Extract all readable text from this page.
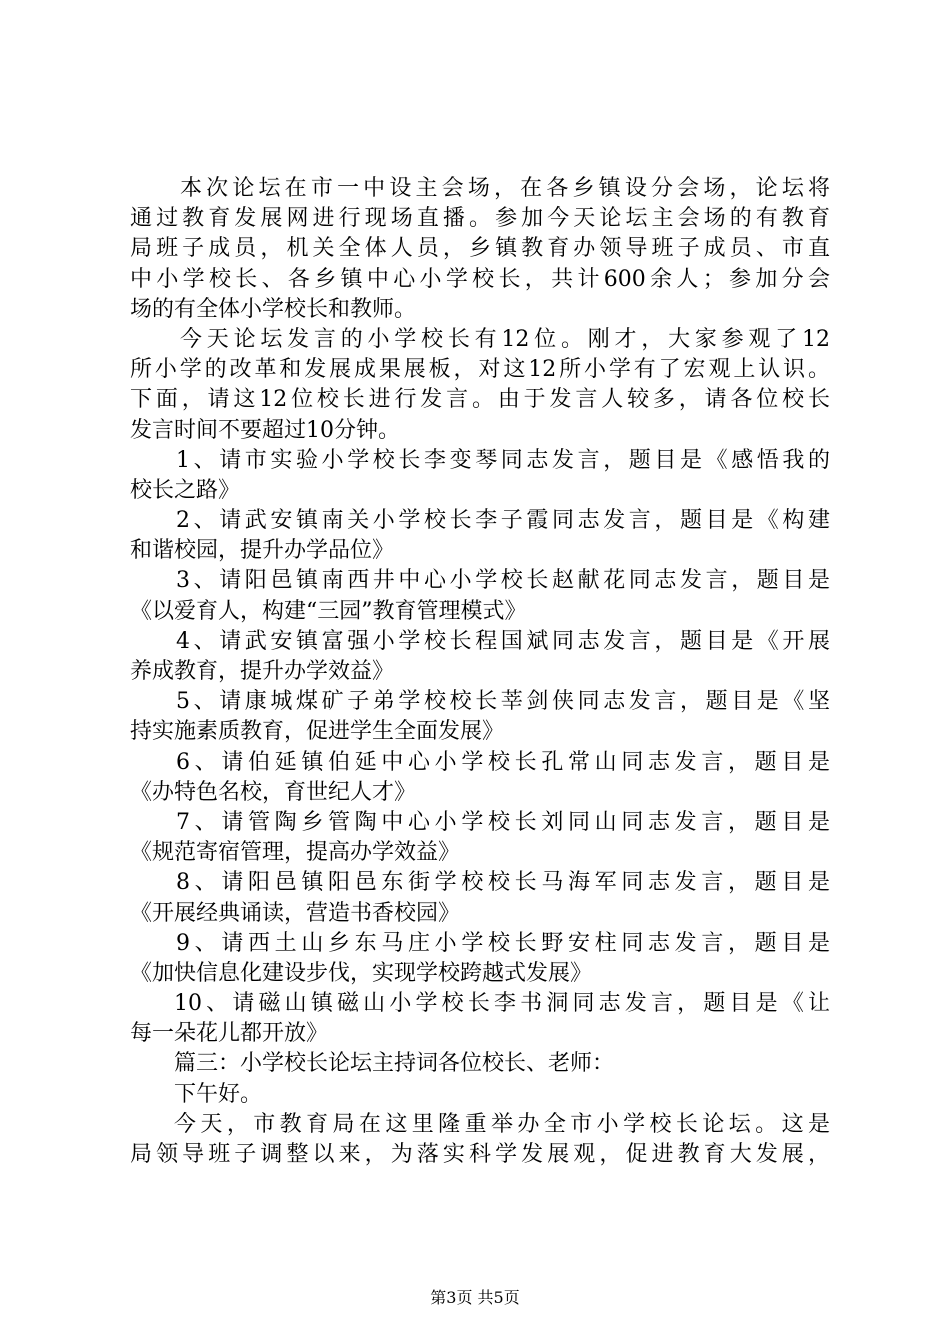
本次论坛在市一中设主会场，在各乡镇设分会场，论坛将
通过教育发展网进行现场直播。参加今天论坛主会场的有教育
局班子成员，机关全体人员，乡镇教育办领导班子成员、市直
中小学校长、各乡镇中心小学校长，共计600余人；参加分会
场的有全体小学校长和教师。
今天论坛发言的小学校长有12位。刚才，大家参观了12
所小学的改革和发展成果展板，对这12所小学有了宏观上认识。
下面，请这12位校长进行发言。由于发言人较多，请各位校长
发言时间不要超过10分钟。
1、请市实验小学校长李变琴同志发言，题目是《感悟我的
校长之路》
2、请武安镇南关小学校长李子霞同志发言，题目是《构建
和谐校园，提升办学品位》
3、请阳邑镇南西井中心小学校长赵献花同志发言，题目是
《以爱育人，构建“三园”教育管理模式》
4、请武安镇富强小学校长程国斌同志发言，题目是《开展
养成教育，提升办学效益》
5、请康城煤矿子弟学校校长莘剑侠同志发言，题目是《坚
持实施素质教育，促进学生全面发展》
6、请伯延镇伯延中心小学校长孔常山同志发言，题目是
《办特色名校，育世纪人才》
7、请管陶乡管陶中心小学校长刘同山同志发言，题目是
《规范寄宿管理，提高办学效益》
8、请阳邑镇阳邑东街学校校长马海军同志发言，题目是
《开展经典诵读，营造书香校园》
9、请西土山乡东马庄小学校长野安柱同志发言，题目是
《加快信息化建设步伐，实现学校跨越式发展》
10、请磁山镇磁山小学校长李书洞同志发言，题目是《让
每一朵花儿都开放》
篇三：小学校长论坛主持词各位校长、老师：
下午好。
今天，市教育局在这里隆重举办全市小学校长论坛。这是
局领导班子调整以来，为落实科学发展观，促进教育大发展，
第3页 共5页
